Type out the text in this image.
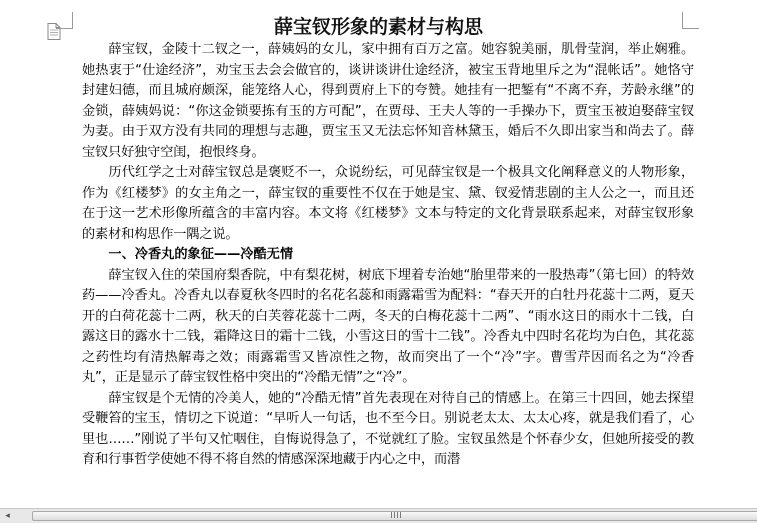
薛宝钗形象的素材与构思

薛宝钗，金陵十二钗之一，薛姨妈的女儿，家中拥有百万之富。她容貌美丽，肌骨莹润，举止娴雅。她热衷于“仕途经济”，劝宝玉去会会做官的，谈讲谈讲仕途经济，被宝玉背地里斥之为“混帐话”。她恪守封建妇德，而且城府颇深，能笼络人心，得到贾府上下的夸赞。她挂有一把錾有“不离不弃，芳龄永继”的金锁，薛姨妈说：“你这金锁要拣有玉的方可配”，在贾母、王夫人等的一手操办下，贾宝玉被迫娶薛宝钗为妻。由于双方没有共同的理想与志趣，贾宝玉又无法忘怀知音林黛玉，婚后不久即出家当和尚去了。薛宝钗只好独守空闺，抱恨终身。

历代红学之士对薛宝钗总是褒贬不一，众说纷纭，可见薛宝钗是一个极具文化阐释意义的人物形象，作为《红楼梦》的女主角之一，薛宝钗的重要性不仅在于她是宝、黛、钗爱情悲剧的主人公之一，而且还在于这一艺术形像所蕴含的丰富内容。本文将《红楼梦》文本与特定的文化背景联系起来，对薛宝钗形象的素材和构思作一隅之说。

一、冷香丸的象征——冷酷无情

薛宝钗入住的荣国府梨香院，中有梨花树，树底下埋着专治她“胎里带来的一股热毒”（第七回）的特效药——冷香丸。冷香丸以春夏秋冬四时的名花名蕊和雨露霜雪为配料：“春天开的白牡丹花蕊十二两，夏天开的白荷花蕊十二两，秋天的白芙蓉花蕊十二两，冬天的白梅花蕊十二两”、“雨水这日的雨水十二钱，白露这日的露水十二钱，霜降这日的霜十二钱，小雪这日的雪十二钱”。冷香丸中四时名花均为白色，其花蕊之药性均有清热解毒之效；雨露霜雪又皆凉性之物，故而突出了一个“冷”字。曹雪芹因而名之为“冷香丸”，正是显示了薛宝钗性格中突出的“冷酷无情”之“冷”。

薛宝钗是个无情的冷美人，她的“冷酷无情”首先表现在对待自己的情感上。在第三十四回，她去探望受鞭笞的宝玉，情切之下说道：“早听人一句话，也不至今日。别说老太太、太太心疼，就是我们看了，心里也……”刚说了半句又忙咽住，自悔说得急了，不觉就红了脸。宝钗虽然是个怀春少女，但她所接受的教育和行事哲学使她不得不将自然的情感深深地藏于内心之中，而潜

◂
